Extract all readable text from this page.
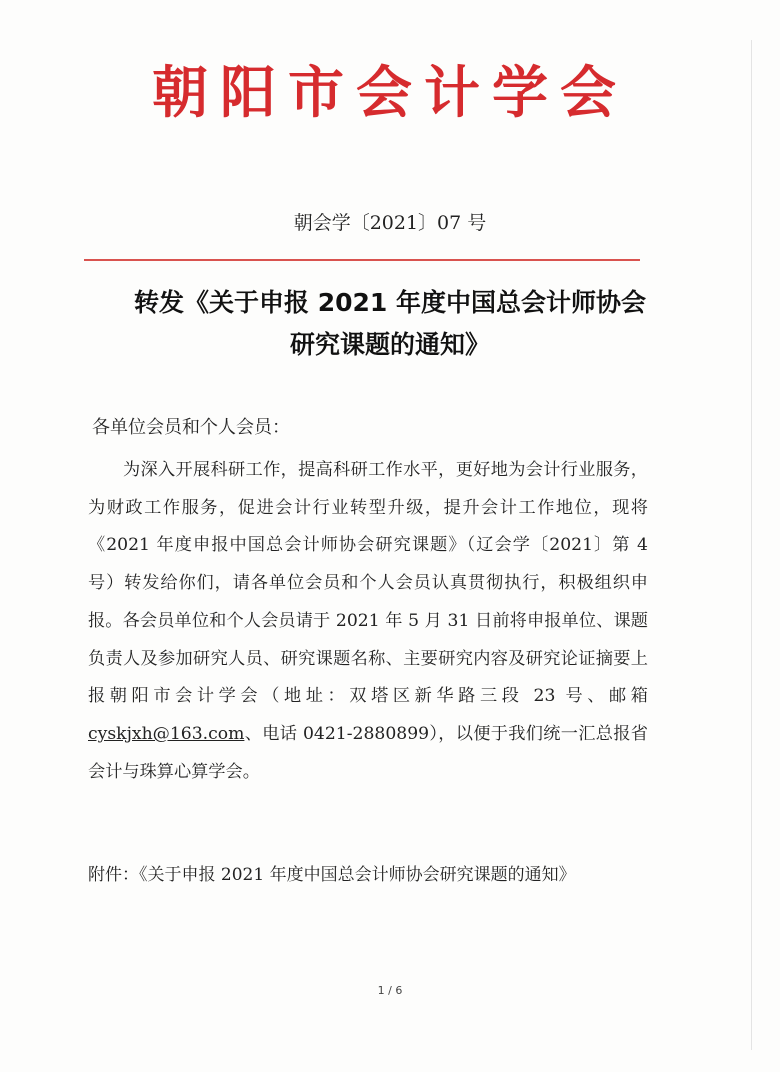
朝阳市会计学会
朝会学〔2021〕07 号
转发《关于申报 2021 年度中国总会计师协会
研究课题的通知》
各单位会员和个人会员：
为深入开展科研工作，提高科研工作水平，更好地为会计行业服务，为财政工作服务，促进会计行业转型升级，提升会计工作地位，现将《2021 年度申报中国总会计师协会研究课题》（辽会学〔2021〕第 4 号）转发给你们，请各单位会员和个人会员认真贯彻执行，积极组织申报。各会员单位和个人会员请于 2021 年 5 月 31 日前将申报单位、课题负责人及参加研究人员、研究课题名称、主要研究内容及研究论证摘要上报朝阳市会计学会（地址：双塔区新华路三段 23 号、邮箱 cyskjxh@163.com、电话 0421-2880899），以便于我们统一汇总报省会计与珠算心算学会。
附件：《关于申报 2021 年度中国总会计师协会研究课题的通知》
1 / 6
